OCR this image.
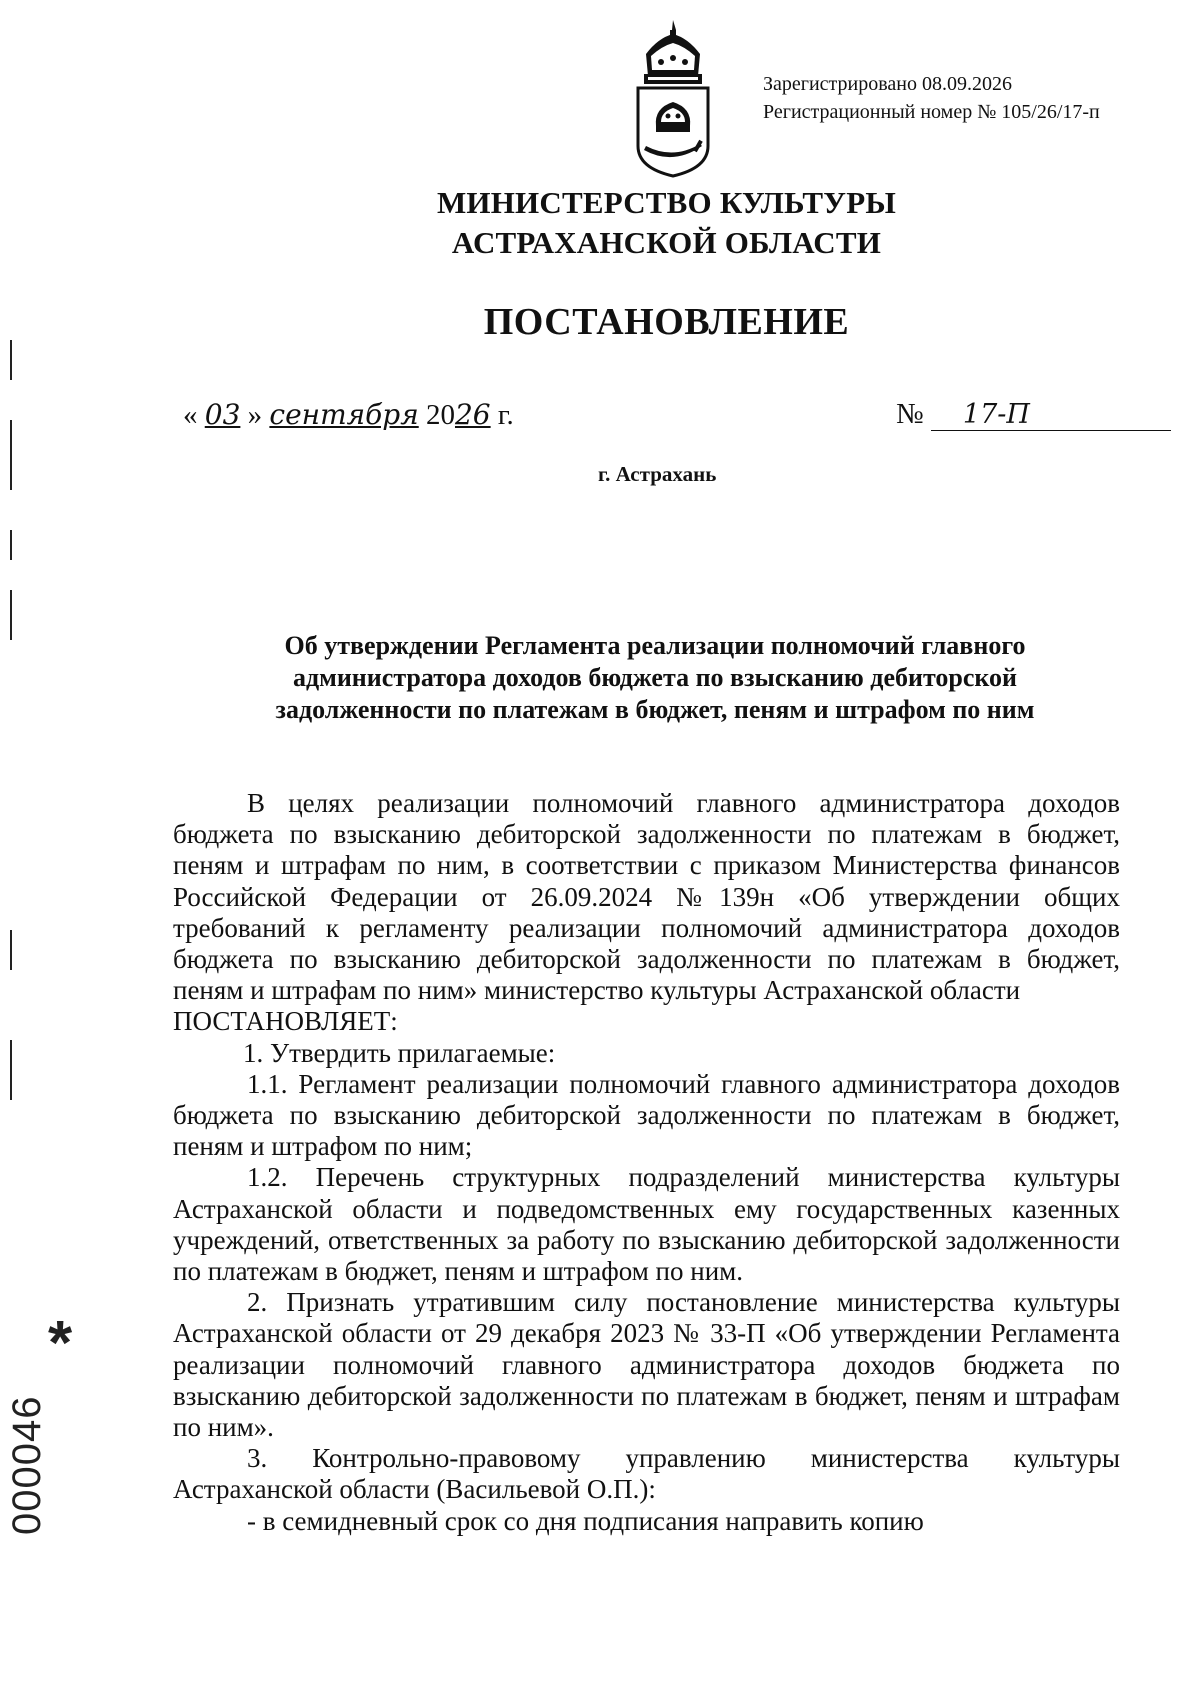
Зарегистрировано 08.09.2026
Регистрационный номер № 105/26/17-п
МИНИСТЕРСТВО КУЛЬТУРЫ
АСТРАХАНСКОЙ ОБЛАСТИ
ПОСТАНОВЛЕНИЕ
« 03 » сентября 2026 г.	№ 17-П
г. Астрахань
Об утверждении Регламента реализации полномочий главного
администратора доходов бюджета по взысканию дебиторской
задолженности по платежам в бюджет, пеням и штрафом по ним

В целях реализации полномочий главного администратора доходов бюджета по взысканию дебиторской задолженности по платежам в бюджет, пеням и штрафам по ним, в соответствии с приказом Министерства финансов Российской Федерации от 26.09.2024 №139н «Об утверждении общих требований к регламенту реализации полномочий администратора доходов бюджета по взысканию дебиторской задолженности по платежам в бюджет, пеням и штрафам по ним» министерство культуры Астраханской области

ПОСТАНОВЛЯЕТ:

1. Утвердить прилагаемые:

1.1. Регламент реализации полномочий главного администратора доходов бюджета по взысканию дебиторской задолженности по платежам в бюджет, пеням и штрафом по ним;

1.2. Перечень структурных подразделений министерства культуры Астраханской области и подведомственных ему государственных казенных учреждений, ответственных за работу по взысканию дебиторской задолженности по платежам в бюджет, пеням и штрафом по ним.

2. Признать утратившим силу постановление министерства культуры Астраханской области от 29 декабря 2023 № 33-П «Об утверждении Регламента реализации полномочий главного администратора доходов бюджета по взысканию дебиторской задолженности по платежам в бюджет, пеням и штрафам по ним».

3. Контрольно-правовому управлению министерства культуры Астраханской области (Васильевой О.П.):

- в семидневный срок со дня подписания направить копию

000046
*
